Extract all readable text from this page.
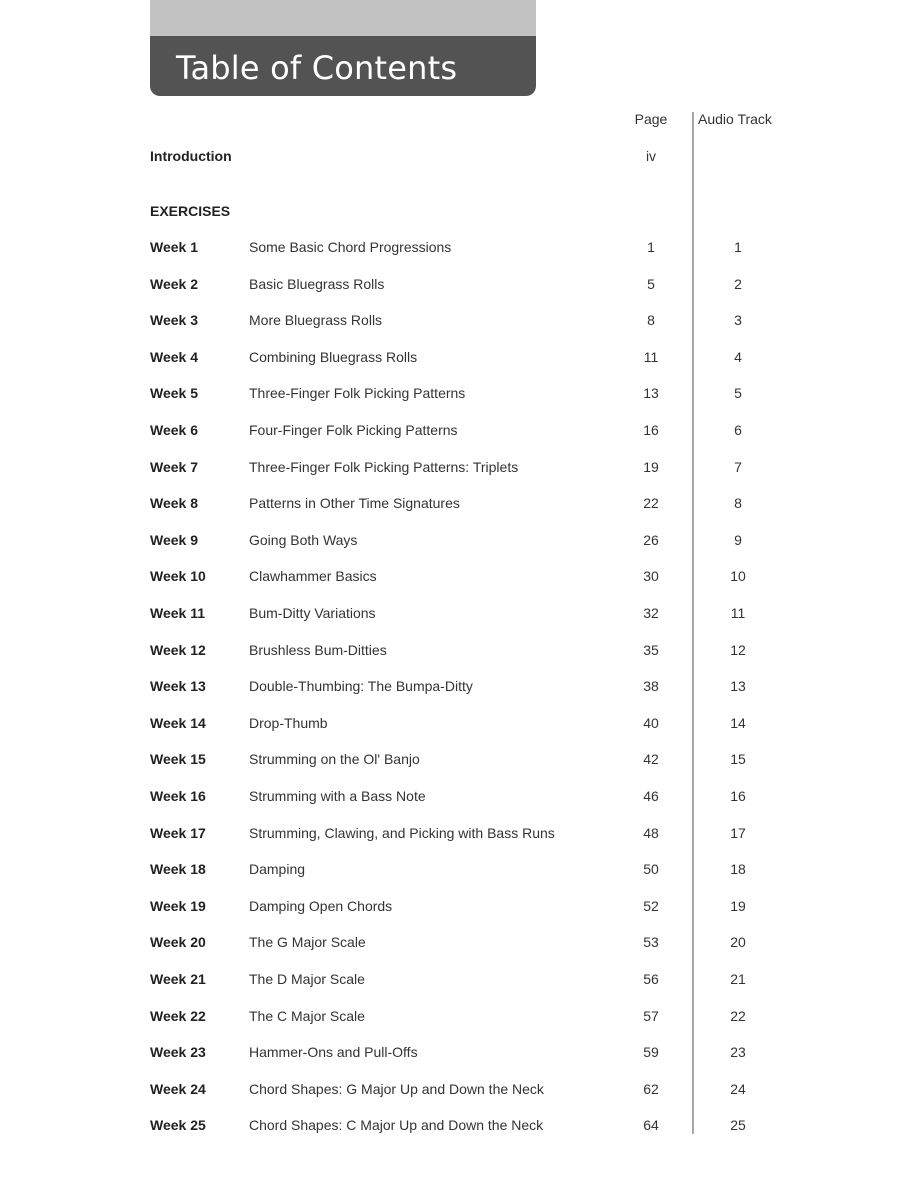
Table of Contents
Page Audio Track
Introduction	iv
EXERCISES
Week 1	Some Basic Chord Progressions	1	1
Week 2	Basic Bluegrass Rolls	5	2
Week 3	More Bluegrass Rolls	8	3
Week 4	Combining Bluegrass Rolls	11	4
Week 5	Three-Finger Folk Picking Patterns	13	5
Week 6	Four-Finger Folk Picking Patterns	16	6
Week 7	Three-Finger Folk Picking Patterns: Triplets	19	7
Week 8	Patterns in Other Time Signatures	22	8
Week 9	Going Both Ways	26	9
Week 10	Clawhammer Basics	30	10
Week 11	Bum-Ditty Variations	32	11
Week 12	Brushless Bum-Ditties	35	12
Week 13	Double-Thumbing: The Bumpa-Ditty	38	13
Week 14	Drop-Thumb	40	14
Week 15	Strumming on the Ol' Banjo	42	15
Week 16	Strumming with a Bass Note	46	16
Week 17	Strumming, Clawing, and Picking with Bass Runs	48	17
Week 18	Damping	50	18
Week 19	Damping Open Chords	52	19
Week 20	The G Major Scale	53	20
Week 21	The D Major Scale	56	21
Week 22	The C Major Scale	57	22
Week 23	Hammer-Ons and Pull-Offs	59	23
Week 24	Chord Shapes: G Major Up and Down the Neck	62	24
Week 25	Chord Shapes: C Major Up and Down the Neck	64	25
